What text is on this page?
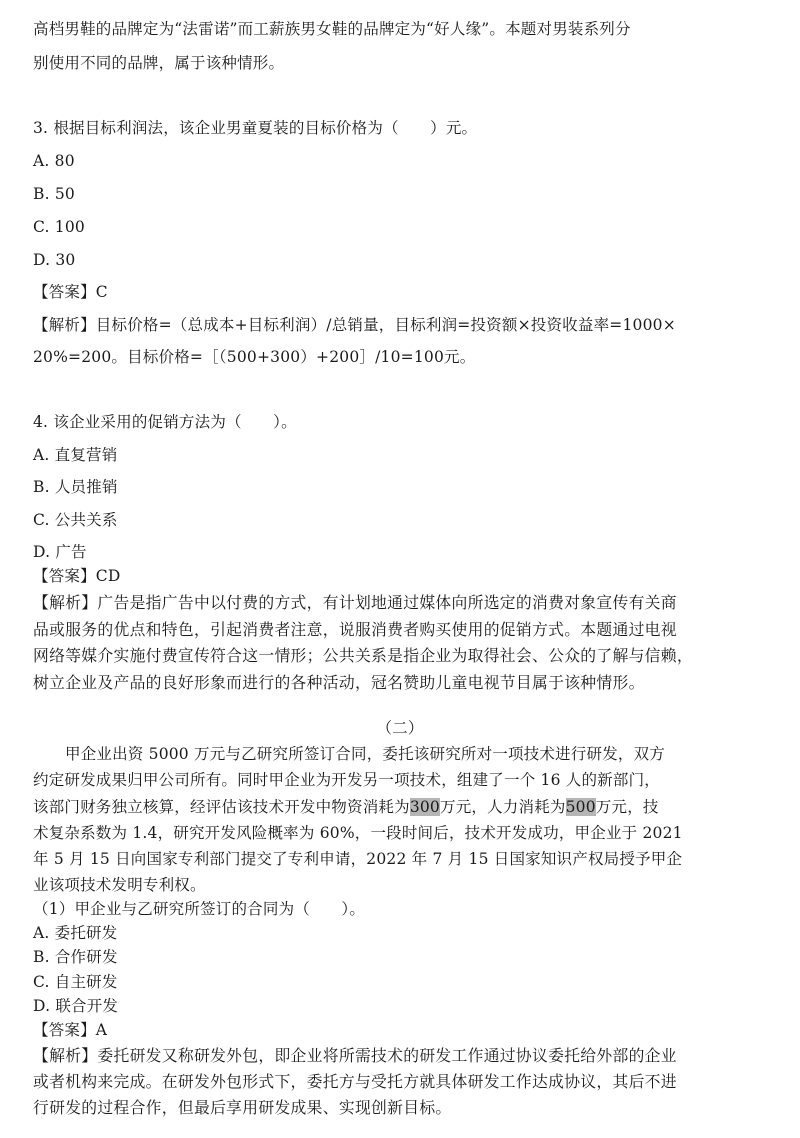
高档男鞋的品牌定为“法雷诺”而工薪族男女鞋的品牌定为“好人缘”。本题对男装系列分
别使用不同的品牌，属于该种情形。
3. 根据目标利润法，该企业男童夏装的目标价格为（　　）元。
A. 80
B. 50
C. 100
D. 30
【答案】C
【解析】目标价格=（总成本+目标利润）/总销量，目标利润=投资额×投资收益率=1000×
20%=200。目标价格=［（500+300）+200］/10=100元。
4. 该企业采用的促销方法为（　　）。
A. 直复营销
B. 人员推销
C. 公共关系
D. 广告
【答案】CD
【解析】广告是指广告中以付费的方式，有计划地通过媒体向所选定的消费对象宣传有关商
品或服务的优点和特色，引起消费者注意，说服消费者购买使用的促销方式。本题通过电视
网络等媒介实施付费宣传符合这一情形；公共关系是指企业为取得社会、公众的了解与信赖，
树立企业及产品的良好形象而进行的各种活动，冠名赞助儿童电视节目属于该种情形。
（二）
甲企业出资 5000 万元与乙研究所签订合同，委托该研究所对一项技术进行研发，双方
约定研发成果归甲公司所有。同时甲企业为开发另一项技术，组建了一个 16 人的新部门，
该部门财务独立核算，经评估该技术开发中物资消耗为300万元，人力消耗为500万元，技
术复杂系数为 1.4，研究开发风险概率为 60%，一段时间后，技术开发成功，甲企业于 2021
年 5 月 15 日向国家专利部门提交了专利申请，2022 年 7 月 15 日国家知识产权局授予甲企
业该项技术发明专利权。
（1）甲企业与乙研究所签订的合同为（　　）。
A. 委托研发
B. 合作研发
C. 自主研发
D. 联合开发
【答案】A
【解析】委托研发又称研发外包，即企业将所需技术的研发工作通过协议委托给外部的企业
或者机构来完成。在研发外包形式下，委托方与受托方就具体研发工作达成协议，其后不进
行研发的过程合作，但最后享用研发成果、实现创新目标。
